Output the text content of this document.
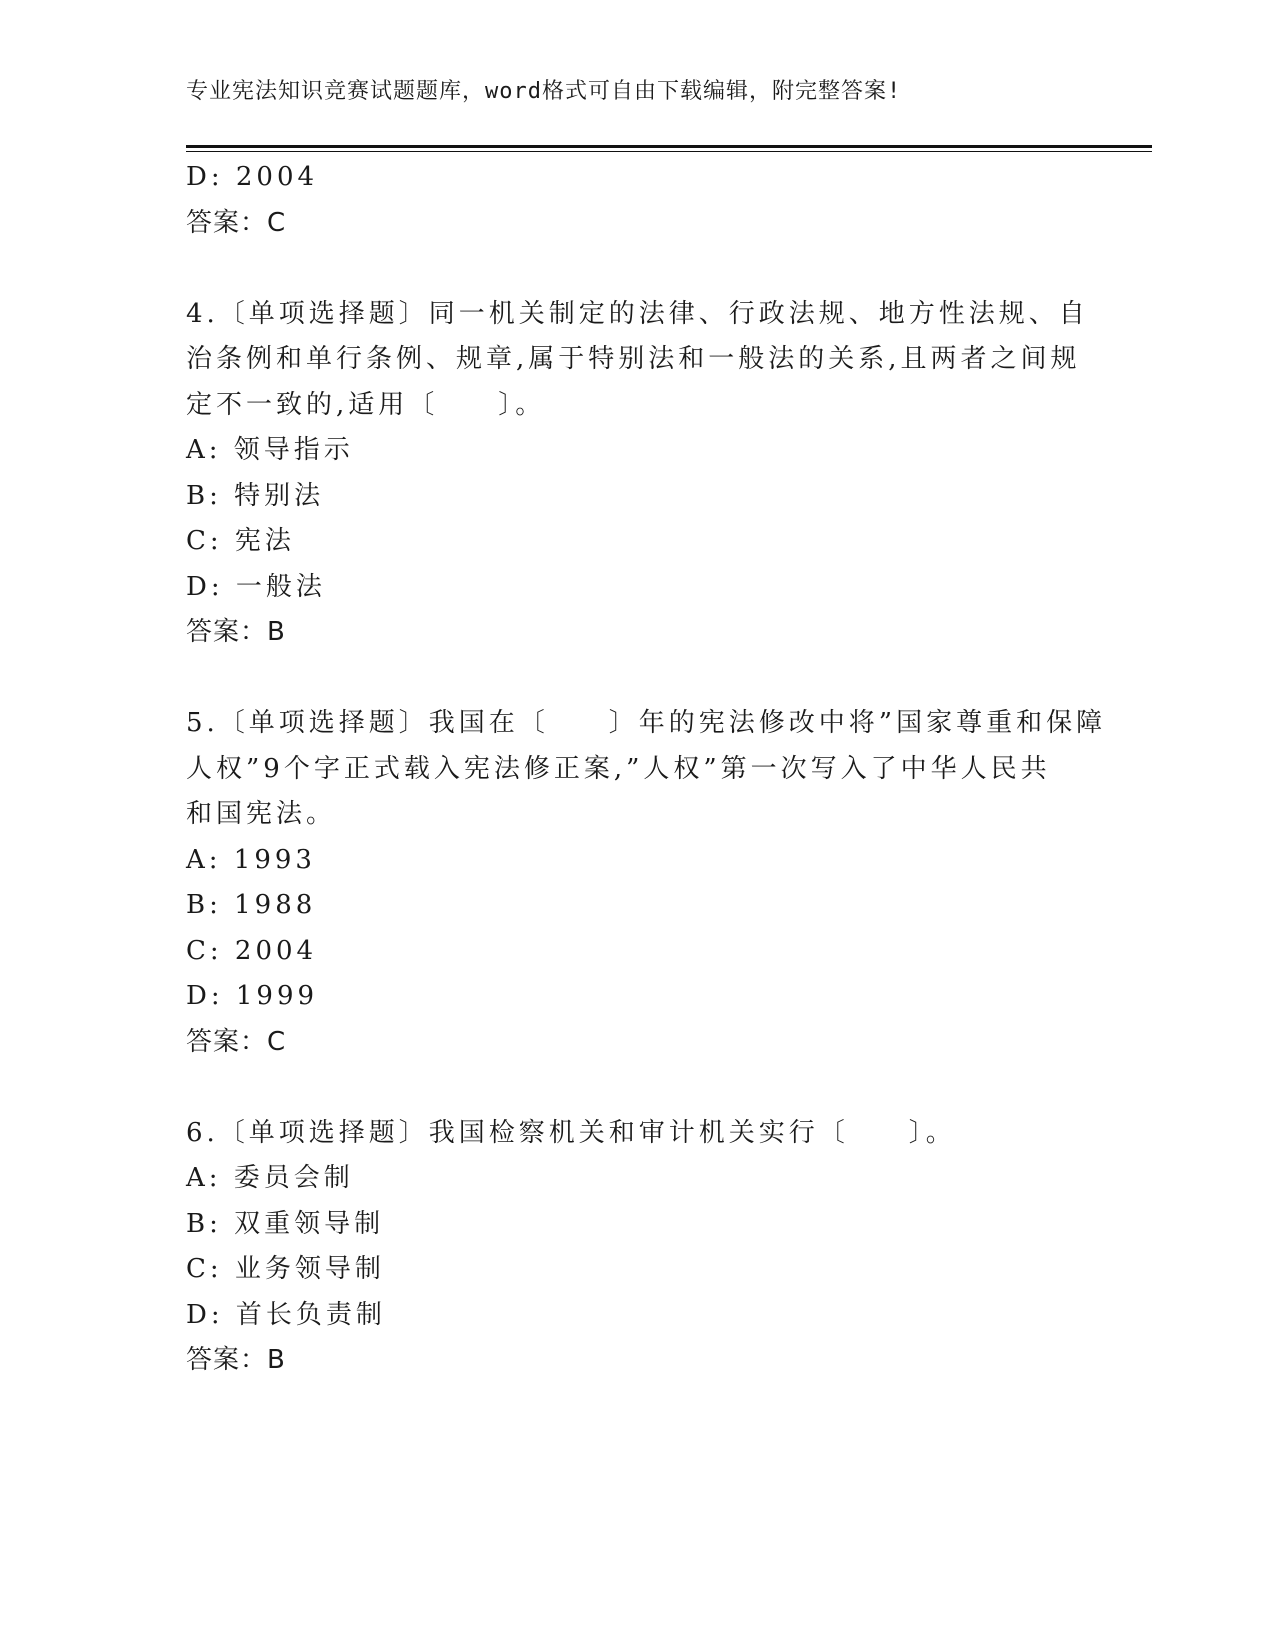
专业宪法知识竞赛试题题库，word格式可自由下载编辑，附完整答案!
D: 2004
答案：C
4.〔单项选择题〕同一机关制定的法律、行政法规、地方性法规、自
治条例和单行条例、规章,属于特别法和一般法的关系,且两者之间规
定不一致的,适用〔　　〕。
A: 领导指示
B: 特别法
C: 宪法
D: 一般法
答案：B
5.〔单项选择题〕我国在〔　　〕年的宪法修改中将”国家尊重和保障
人权”9个字正式载入宪法修正案,”人权”第一次写入了中华人民共
和国宪法。
A: 1993
B: 1988
C: 2004
D: 1999
答案：C
6.〔单项选择题〕我国检察机关和审计机关实行〔　　〕。
A: 委员会制
B: 双重领导制
C: 业务领导制
D: 首长负责制
答案：B
